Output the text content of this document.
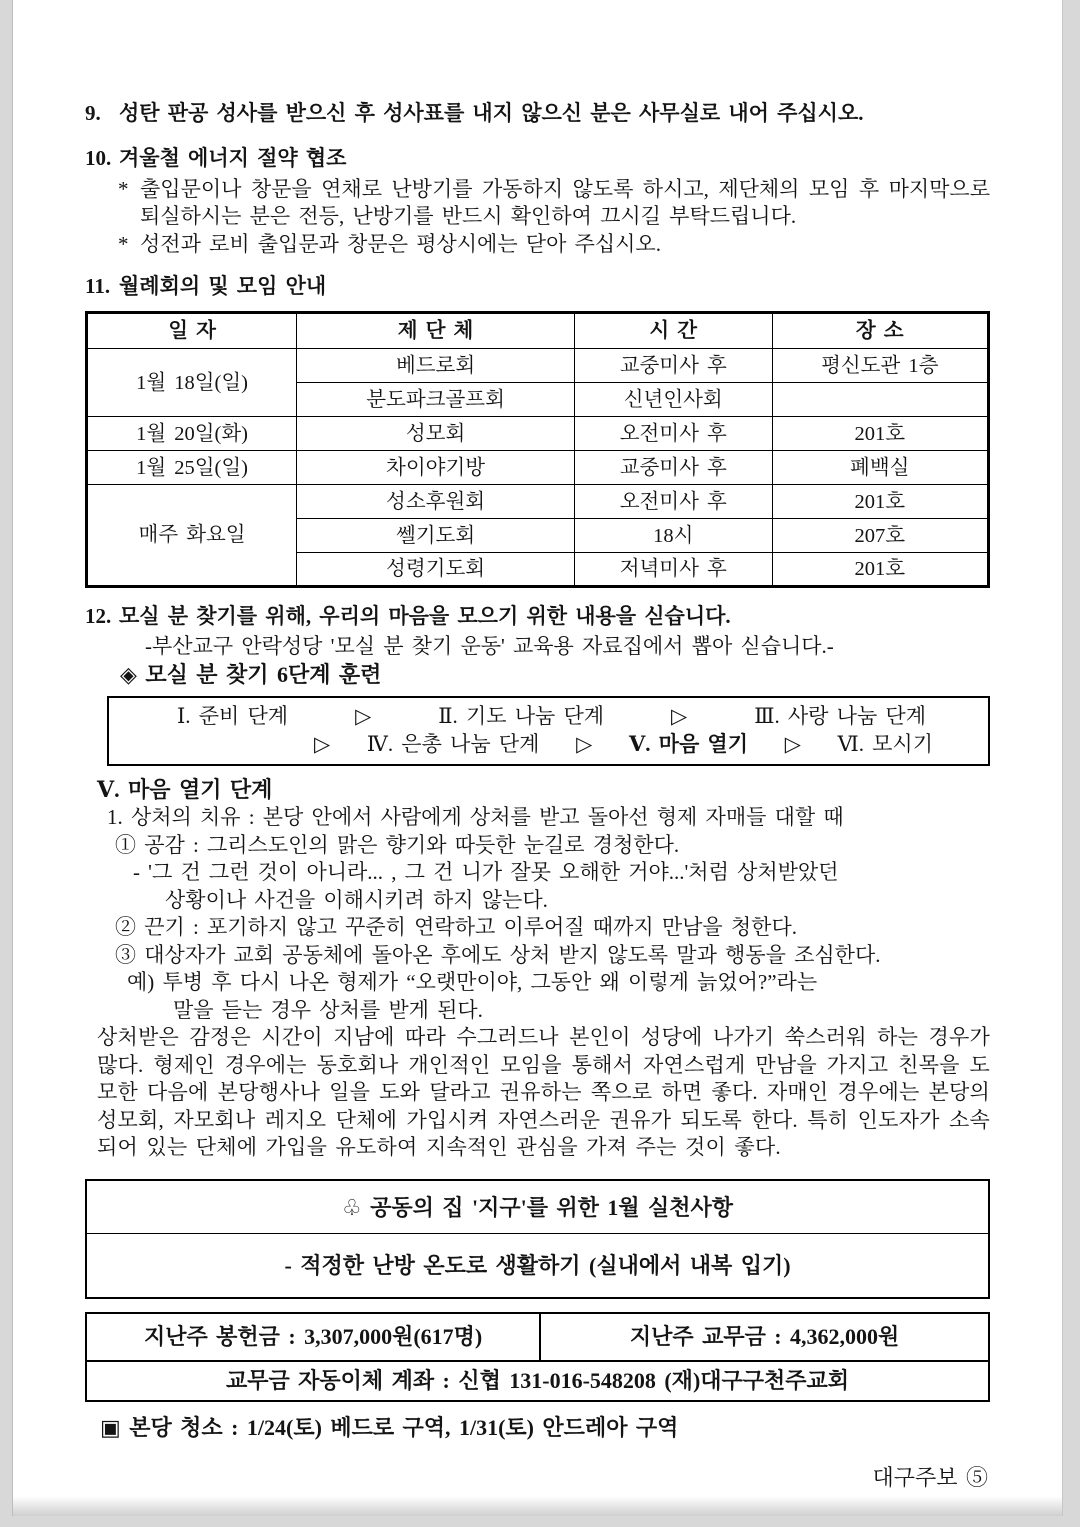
9. 성탄 판공 성사를 받으신 후 성사표를 내지 않으신 분은 사무실로 내어 주십시오.
10. 겨울철 에너지 절약 협조
* 출입문이나 창문을 연채로 난방기를 가동하지 않도록 하시고, 제단체의 모임 후 마지막으로 퇴실하시는 분은 전등, 난방기를 반드시 확인하여 끄시길 부탁드립니다.
* 성전과 로비 출입문과 창문은 평상시에는 닫아 주십시오.
11. 월례회의 및 모임 안내
일 자	제 단 체	시 간	장 소
1월 18일(일)	베드로회	교중미사 후	평신도관 1층
	분도파크골프회	신년인사회	
1월 20일(화)	성모회	오전미사 후	201호
1월 25일(일)	차이야기방	교중미사 후	폐백실
매주 화요일	성소후원회	오전미사 후	201호
	쎌기도회	18시	207호
	성령기도회	저녁미사 후	201호
12. 모실 분 찾기를 위해, 우리의 마음을 모으기 위한 내용을 싣습니다.
-부산교구 안락성당 '모실 분 찾기 운동' 교육용 자료집에서 뽑아 싣습니다.-
◈ 모실 분 찾기 6단계 훈련
Ⅰ. 준비 단계	▷	Ⅱ. 기도 나눔 단계	▷	Ⅲ. 사랑 나눔 단계
▷ Ⅳ. 은총 나눔 단계 ▷ Ⅴ. 마음 열기 ▷ Ⅵ. 모시기
Ⅴ. 마음 열기 단계
1. 상처의 치유 : 본당 안에서 사람에게 상처를 받고 돌아선 형제 자매들 대할 때
① 공감 : 그리스도인의 맑은 향기와 따듯한 눈길로 경청한다.
- '그 건 그런 것이 아니라... , 그 건 니가 잘못 오해한 거야...'처럼 상처받았던
상황이나 사건을 이해시키려 하지 않는다.
② 끈기 : 포기하지 않고 꾸준히 연락하고 이루어질 때까지 만남을 청한다.
③ 대상자가 교회 공동체에 돌아온 후에도 상처 받지 않도록 말과 행동을 조심한다.
예) 투병 후 다시 나온 형제가 “오랫만이야, 그동안 왜 이렇게 늙었어?”라는
말을 듣는 경우 상처를 받게 된다.
상처받은 감정은 시간이 지남에 따라 수그러드나 본인이 성당에 나가기 쑥스러워 하는 경우가 많다. 형제인 경우에는 동호회나 개인적인 모임을 통해서 자연스럽게 만남을 가지고 친목을 도모한 다음에 본당행사나 일을 도와 달라고 권유하는 쪽으로 하면 좋다. 자매인 경우에는 본당의 성모회, 자모회나 레지오 단체에 가입시켜 자연스러운 권유가 되도록 한다. 특히 인도자가 소속되어 있는 단체에 가입을 유도하여 지속적인 관심을 가져 주는 것이 좋다.
♧ 공동의 집 '지구'를 위한 1월 실천사항
- 적정한 난방 온도로 생활하기 (실내에서 내복 입기)
지난주 봉헌금 : 3,307,000원(617명)	지난주 교무금 : 4,362,000원
교무금 자동이체 계좌 : 신협 131-016-548208 (재)대구구천주교회
▣ 본당 청소 : 1/24(토) 베드로 구역, 1/31(토) 안드레아 구역
대구주보 ⑤
